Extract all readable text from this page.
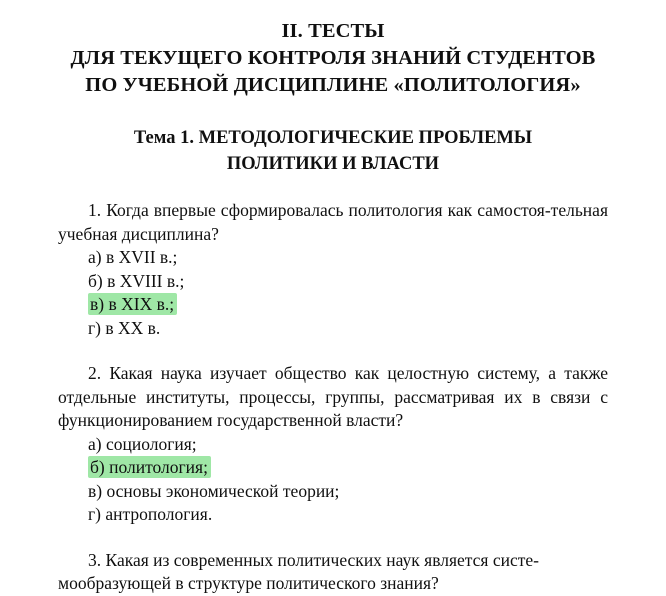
II. ТЕСТЫ
ДЛЯ ТЕКУЩЕГО КОНТРОЛЯ ЗНАНИЙ СТУДЕНТОВ
ПО УЧЕБНОЙ ДИСЦИПЛИНЕ «ПОЛИТОЛОГИЯ»
Тема 1. МЕТОДОЛОГИЧЕСКИЕ ПРОБЛЕМЫ
ПОЛИТИКИ И ВЛАСТИ

1. Когда впервые сформировалась политология как самостоя-тельная учебная дисциплина?

а) в XVII в.;
б) в XVIII в.;
в) в XIX в.;
г) в XX в.

2. Какая наука изучает общество как целостную систему, а также отдельные институты, процессы, группы, рассматривая их в связи с функционированием государственной власти?

а) социология;
б) политология;
в) основы экономической теории;
г) антропология.

3. Какая из современных политических наук является систе-

мообразующей в структуре политического знания?
